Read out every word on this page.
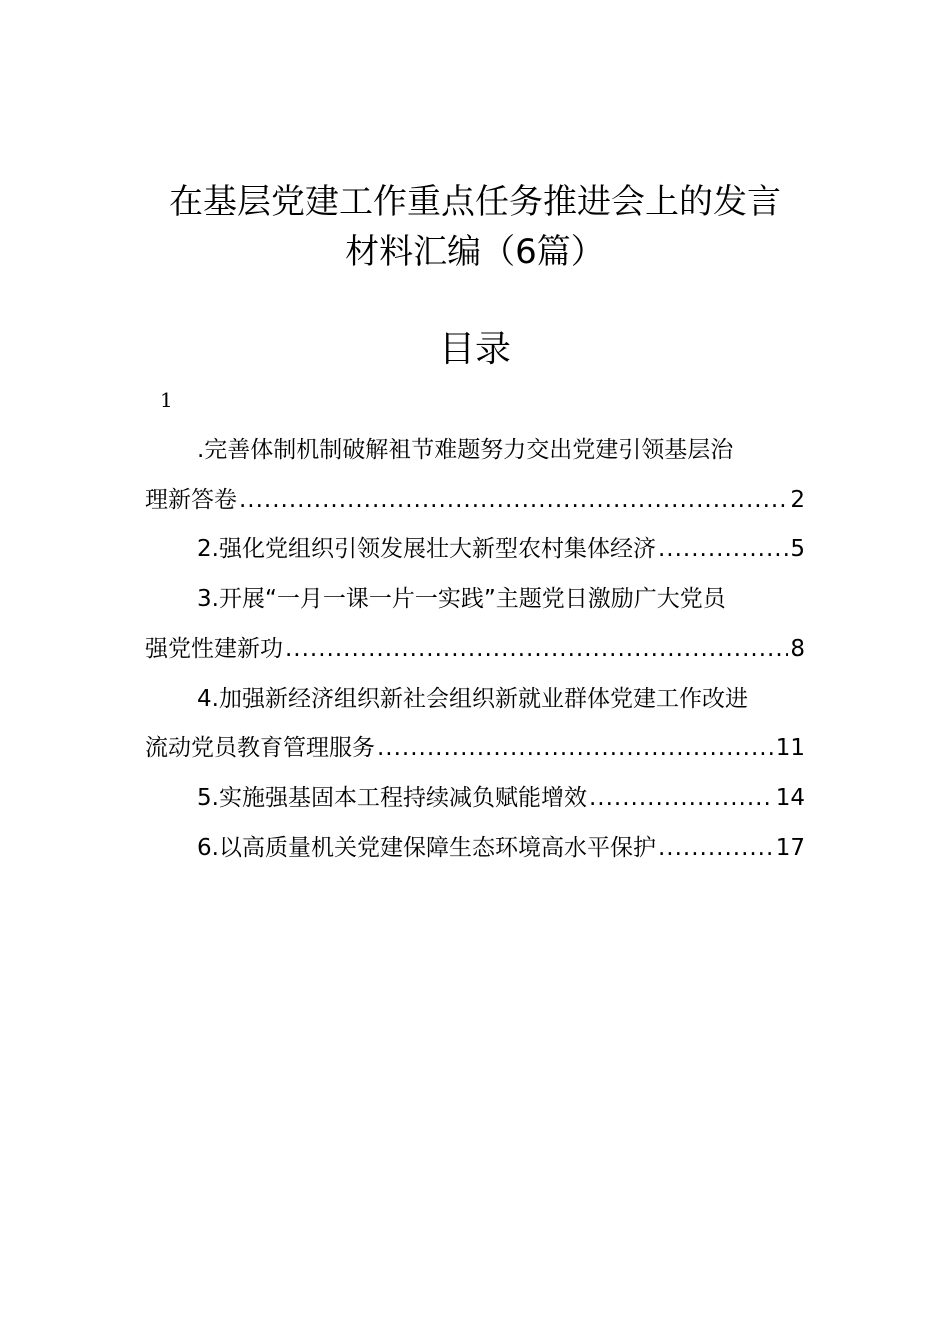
在基层党建工作重点任务推进会上的发言
材料汇编（6篇）
目录
1
.完善体制机制破解袓节难题努力交出党建引领基层治
理新答卷 .....	2
2.强化党组织引领发展壮大新型农村集体经济 .....	5
3.开展“一月一课一片一实践”主题党日激励广大党员
强党性建新功 .....	8
4.加强新经济组织新社会组织新就业群体党建工作改进
流动党员教育管理服务 .....	11
5.实施强基固本工程持续减负赋能增效 .....	14
6.以高质量机关党建保障生态环境高水平保护 .....	17
